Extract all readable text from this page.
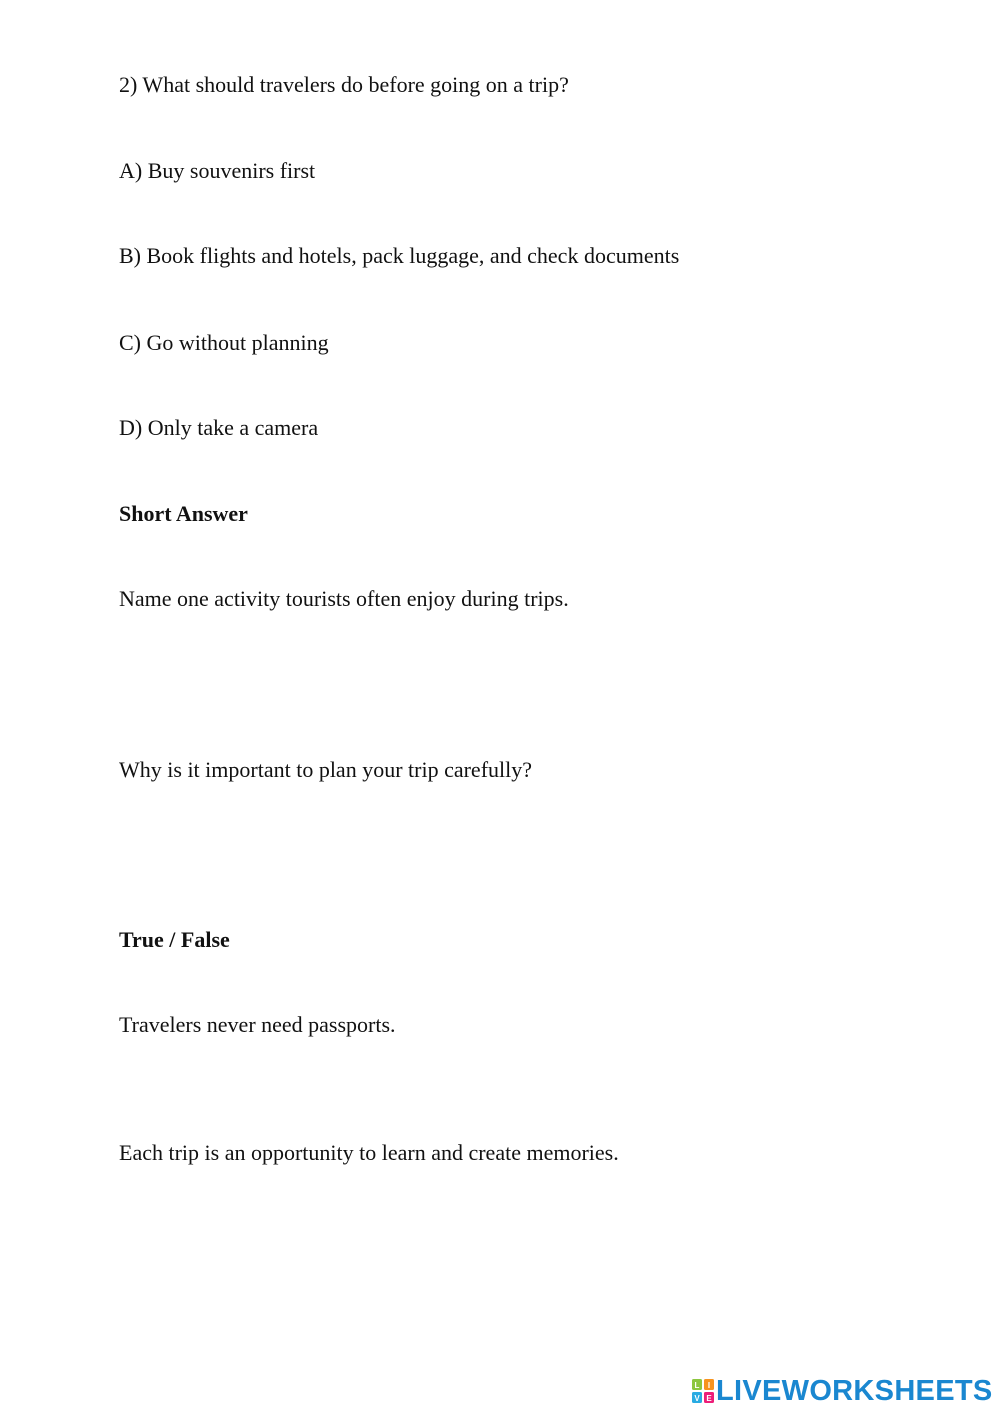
2) What should travelers do before going on a trip?

A) Buy souvenirs first

B) Book flights and hotels, pack luggage, and check documents

C) Go without planning

D) Only take a camera

Short Answer

Name one activity tourists often enjoy during trips.

Why is it important to plan your trip carefully?

True / False

Travelers never need passports.

Each trip is an opportunity to learn and create memories.

L I
V E LIVEWORKSHEETS
